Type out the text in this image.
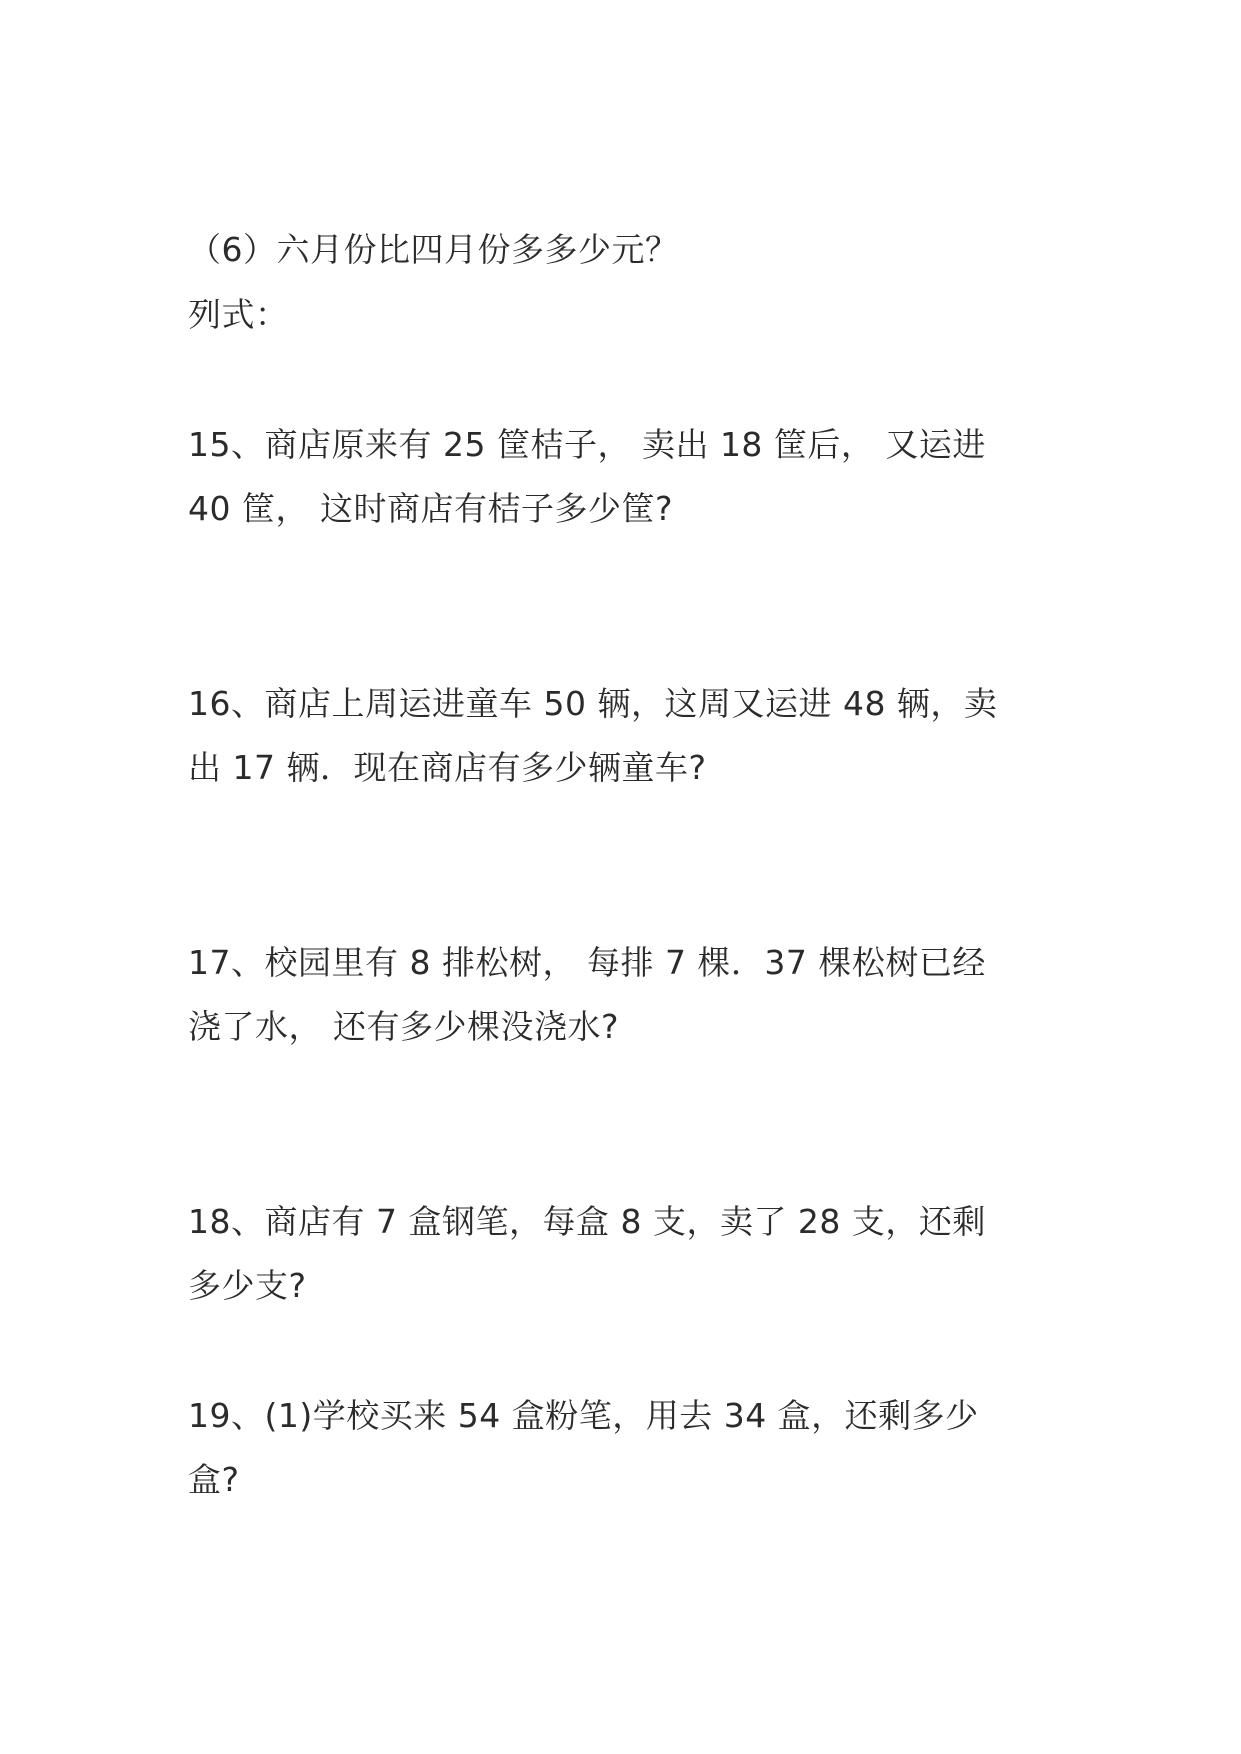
（6）六月份比四月份多多少元？
列式：
15、商店原来有 25 筐桔子， 卖出 18 筐后， 又运进
40 筐， 这时商店有桔子多少筐?
16、商店上周运进童车 50 辆，这周又运进 48 辆，卖
出 17 辆．现在商店有多少辆童车?
17、校园里有 8 排松树， 每排 7 棵．37 棵松树已经
浇了水， 还有多少棵没浇水?
18、商店有 7 盒钢笔，每盒 8 支，卖了 28 支，还剩
多少支?
19、(1)学校买来 54 盒粉笔，用去 34 盒，还剩多少
盒?
